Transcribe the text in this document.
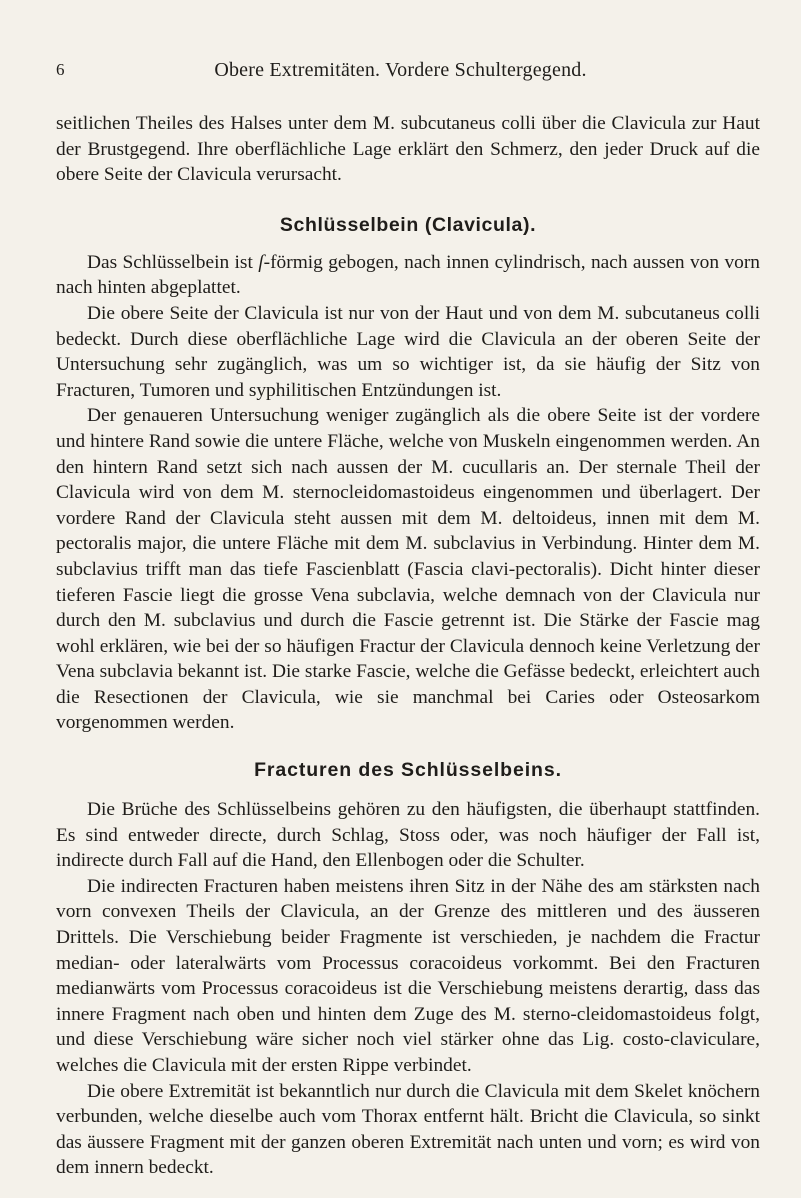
6	Obere Extremitäten. Vordere Schultergegend.

seitlichen Theiles des Halses unter dem M. subcutaneus colli über die Clavicula zur Haut der Brustgegend. Ihre oberflächliche Lage erklärt den Schmerz, den jeder Druck auf die obere Seite der Clavicula verursacht.

Schlüsselbein (Clavicula).

Das Schlüsselbein ist ſ-förmig gebogen, nach innen cylindrisch, nach aussen von vorn nach hinten abgeplattet.

Die obere Seite der Clavicula ist nur von der Haut und von dem M. subcutaneus colli bedeckt. Durch diese oberflächliche Lage wird die Clavicula an der oberen Seite der Untersuchung sehr zugänglich, was um so wichtiger ist, da sie häufig der Sitz von Fracturen, Tumoren und syphilitischen Entzündungen ist.

Der genaueren Untersuchung weniger zugänglich als die obere Seite ist der vordere und hintere Rand sowie die untere Fläche, welche von Muskeln eingenommen werden. An den hintern Rand setzt sich nach aussen der M. cucullaris an. Der sternale Theil der Clavicula wird von dem M. sternocleidomastoideus eingenommen und überlagert. Der vordere Rand der Clavicula steht aussen mit dem M. deltoideus, innen mit dem M. pectoralis major, die untere Fläche mit dem M. subclavius in Verbindung. Hinter dem M. subclavius trifft man das tiefe Fascienblatt (Fascia clavi-pectoralis). Dicht hinter dieser tieferen Fascie liegt die grosse Vena subclavia, welche demnach von der Clavicula nur durch den M. subclavius und durch die Fascie getrennt ist. Die Stärke der Fascie mag wohl erklären, wie bei der so häufigen Fractur der Clavicula dennoch keine Verletzung der Vena subclavia bekannt ist. Die starke Fascie, welche die Gefässe bedeckt, erleichtert auch die Resectionen der Clavicula, wie sie manchmal bei Caries oder Osteosarkom vorgenommen werden.

Fracturen des Schlüsselbeins.

Die Brüche des Schlüsselbeins gehören zu den häufigsten, die überhaupt stattfinden. Es sind entweder directe, durch Schlag, Stoss oder, was noch häufiger der Fall ist, indirecte durch Fall auf die Hand, den Ellenbogen oder die Schulter.

Die indirecten Fracturen haben meistens ihren Sitz in der Nähe des am stärksten nach vorn convexen Theils der Clavicula, an der Grenze des mittleren und des äusseren Drittels. Die Verschiebung beider Fragmente ist verschieden, je nachdem die Fractur median- oder lateralwärts vom Processus coracoideus vorkommt. Bei den Fracturen medianwärts vom Processus coracoideus ist die Verschiebung meistens derartig, dass das innere Fragment nach oben und hinten dem Zuge des M. sterno-cleidomastoideus folgt, und diese Verschiebung wäre sicher noch viel stärker ohne das Lig. costo-claviculare, welches die Clavicula mit der ersten Rippe verbindet.

Die obere Extremität ist bekanntlich nur durch die Clavicula mit dem Skelet knöchern verbunden, welche dieselbe auch vom Thorax entfernt hält. Bricht die Clavicula, so sinkt das äussere Fragment mit der ganzen oberen Extremität nach unten und vorn; es wird von dem innern bedeckt.
